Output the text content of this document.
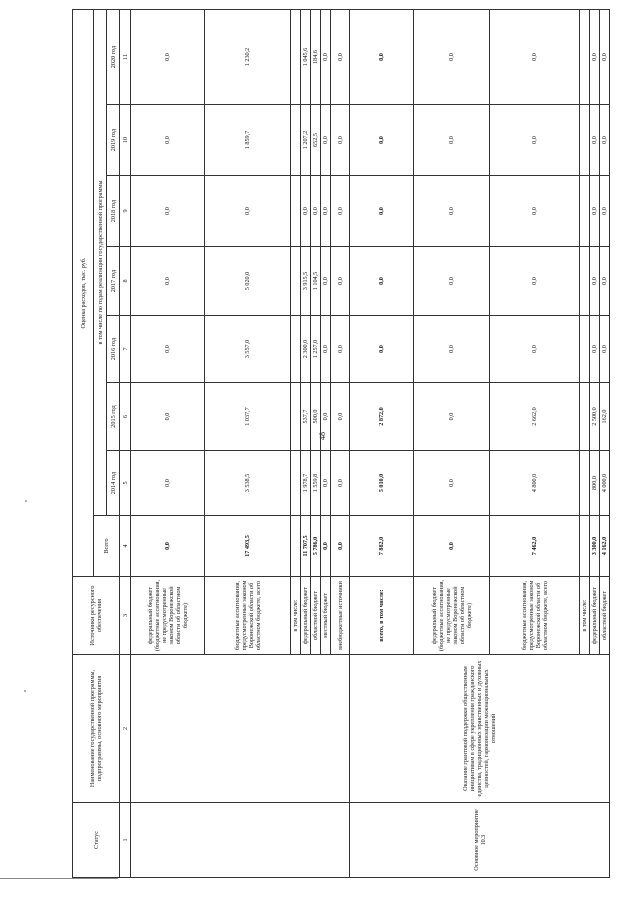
48
Статус	Наименование государственной программы, подпрограммы, основного мероприятия	Источники ресурсного обеспечения	Оценка расходов, тыс. руб.							
			Всего	в том числе по годам реализации государственной программы						
				2014 год	2015 год	2016 год	2017 год	2018 год	2019 год	2020 год
1	2	3	4	5	6	7	8	9	10	11
		федеральный бюджет (бюджетные ассигнования, не предусмотренные законом Воронежской области об областном бюджете)	0,0	0,0	0,0	0,0	0,0	0,0	0,0	0,0
		бюджетные ассигнования, предусмотренные законом Воронежской области об областном бюджете, всего	17 493,5	3 538,5	1 037,7	3 557,0	5 020,0	0,0	1 859,7	1 230,2
		в том числе:								
		федеральный бюджет	11 707,5	1 978,7	537,7	2 300,0	3 915,5	0,0	1 207,2	1 045,6
		областной бюджет	5 786,0	1 559,8	500,0	1 257,0	1 104,5	0,0	652,5	184,6
		местный бюджет	0,0	0,0	0,0	0,0	0,0	0,0	0,0	0,0
		внебюджетные источники	0,0	0,0	0,0	0,0	0,0	0,0	0,0	0,0
Основное мероприятие 10.3	Оказание грантовой поддержки общественным инициативам в сфере укрепления гражданского единства, традиционных нравственных и духовных ценностей, гармонизации межнациональных отношений	всего, в том числе:	7 882,0	5 010,0	2 872,0	0,0	0,0	0,0	0,0	0,0
		федеральный бюджет (бюджетные ассигнования, не предусмотренные законом Воронежской области об областном бюджете)	0,0	0,0	0,0	0,0	0,0	0,0	0,0	0,0
		бюджетные ассигнования, предусмотренные законом Воронежской области об областном бюджете, всего	7 462,0	4 800,0	2 662,0	0,0	0,0	0,0	0,0	0,0
		в том числе:								
		федеральный бюджет	3 300,0	800,0	2 500,0	0,0	0,0	0,0	0,0	0,0
		областной бюджет	4 162,0	4 000,0	162,0	0,0	0,0	0,0	0,0	0,0
